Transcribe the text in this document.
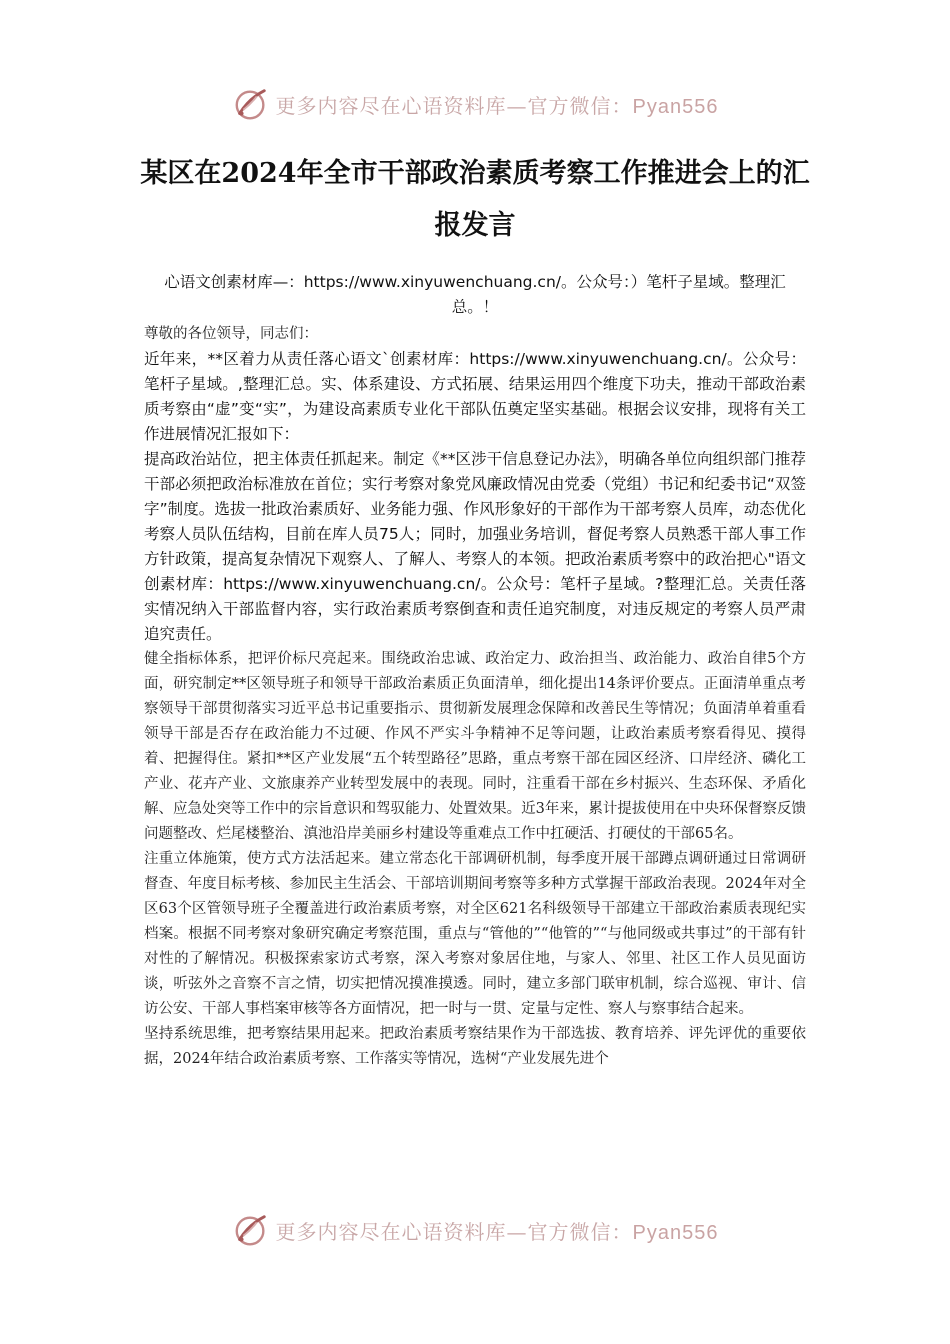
更多内容尽在心语资料库—官方微信：Pyan556
某区在2024年全市干部政治素质考察工作推进会上的汇报发言

心语文创素材库—：https://www.xinyuwenchuang.cn/。公众号：）笔杆子星域。整理汇总。！

尊敬的各位领导，同志们：

近年来，**区着力从责任落心语文`创素材库：https://www.xinyuwenchuang.cn/。公众号：笔杆子星域。,整理汇总。实、体系建设、方式拓展、结果运用四个维度下功夫，推动干部政治素质考察由“虚”变“实”，为建设高素质专业化干部队伍奠定坚实基础。根据会议安排，现将有关工作进展情况汇报如下：

提高政治站位，把主体责任抓起来。制定《**区涉干信息登记办法》，明确各单位向组织部门推荐干部必须把政治标准放在首位；实行考察对象党风廉政情况由党委（党组）书记和纪委书记“双签字”制度。选拔一批政治素质好、业务能力强、作风形象好的干部作为干部考察人员库，动态优化考察人员队伍结构，目前在库人员75人；同时，加强业务培训，督促考察人员熟悉干部人事工作方针政策，提高复杂情况下观察人、了解人、考察人的本领。把政治素质考察中的政治把心"语文创素材库：https://www.xinyuwenchuang.cn/。公众号：笔杆子星域。?整理汇总。关责任落实情况纳入干部监督内容，实行政治素质考察倒查和责任追究制度，对违反规定的考察人员严肃追究责任。

健全指标体系，把评价标尺亮起来。围绕政治忠诚、政治定力、政治担当、政治能力、政治自律5个方面，研究制定**区领导班子和领导干部政治素质正负面清单，细化提出14条评价要点。正面清单重点考察领导干部贯彻落实习近平总书记重要指示、贯彻新发展理念保障和改善民生等情况；负面清单着重看领导干部是否存在政治能力不过硬、作风不严实斗争精神不足等问题，让政治素质考察看得见、摸得着、把握得住。紧扣**区产业发展“五个转型路径”思路，重点考察干部在园区经济、口岸经济、磷化工产业、花卉产业、文旅康养产业转型发展中的表现。同时，注重看干部在乡村振兴、生态环保、矛盾化解、应急处突等工作中的宗旨意识和驾驭能力、处置效果。近3年来，累计提拔使用在中央环保督察反馈问题整改、烂尾楼整治、滇池沿岸美丽乡村建设等重难点工作中扛硬活、打硬仗的干部65名。

注重立体施策，使方式方法活起来。建立常态化干部调研机制，每季度开展干部蹲点调研通过日常调研督查、年度目标考核、参加民主生活会、干部培训期间考察等多种方式掌握干部政治表现。2024年对全区63个区管领导班子全覆盖进行政治素质考察，对全区621名科级领导干部建立干部政治素质表现纪实档案。根据不同考察对象研究确定考察范围，重点与“管他的”“他管的”“与他同级或共事过”的干部有针对性的了解情况。积极探索家访式考察，深入考察对象居住地，与家人、邻里、社区工作人员见面访谈，听弦外之音察不言之情，切实把情况摸准摸透。同时，建立多部门联审机制，综合巡视、审计、信访公安、干部人事档案审核等各方面情况，把一时与一贯、定量与定性、察人与察事结合起来。

坚持系统思维，把考察结果用起来。把政治素质考察结果作为干部选拔、教育培养、评先评优的重要依据，2024年结合政治素质考察、工作落实等情况，选树“产业发展先进个

更多内容尽在心语资料库—官方微信：Pyan556
